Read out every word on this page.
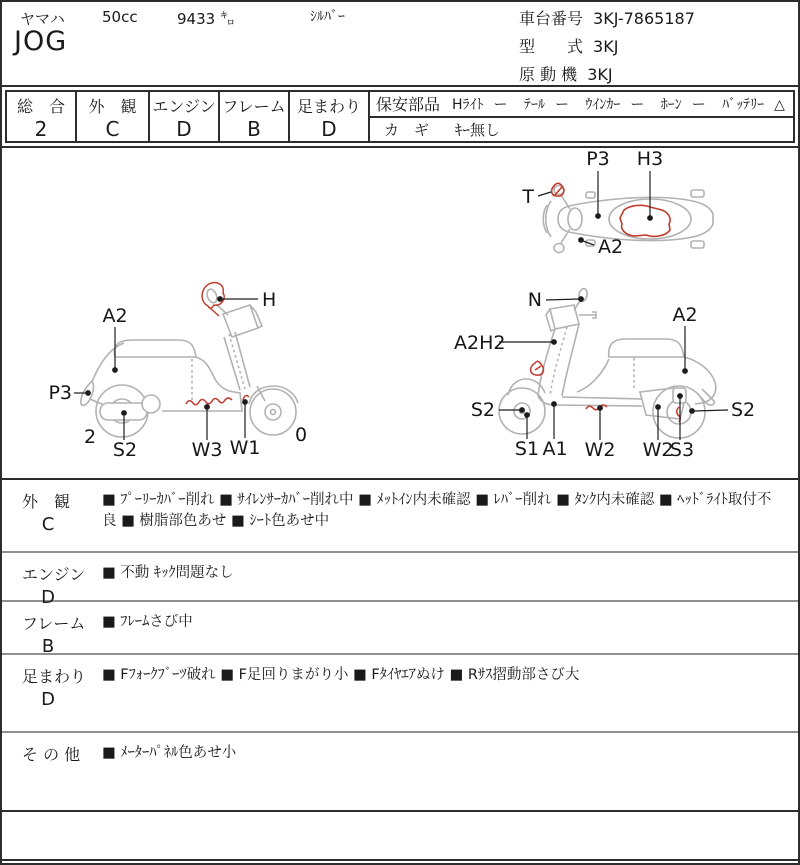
ヤマハ 50cc	9433 ㌔	ｼﾙﾊﾞｰ
JOG
車台番号 3KJ-7865187
型　　式 3KJ
原 動 機 3KJ
総　合
2
外　観
C
エンジン
D
フレーム
B
足まわり
D
保安部品 Hﾗｲﾄ ー ﾃｰﾙ ー ｳｲﾝｶｰ ー ﾎｰﾝ ー ﾊﾞｯﾃﾘｰ △
カ　ギ ｷｰ無し
P3 H3
T
A2
H
A2
P3
S2	W3 W1
2	0
N
A2H2
A2
S2
S1 A1 W2 W2
S3
S2
外　観
C
■ ﾌﾟｰﾘｰｶﾊﾞｰ削れ ■ ｻｲﾚﾝｻｰｶﾊﾞｰ削れ中 ■ ﾒｯﾄｲﾝ内未確認 ■ ﾚﾊﾞｰ削れ ■ ﾀﾝｸ内未確認 ■ ﾍｯﾄﾞﾗｲﾄ取付不良 ■ 樹脂部色あせ ■ ｼｰﾄ色あせ中
エンジン
D
■ 不動 ｷｯｸ問題なし
フレーム
B
■ ﾌﾚｰﾑさび中
足まわり
D
■ Fﾌｫｰｸﾌﾞｰﾂ破れ ■ F足回りまがり小 ■ Fﾀｲﾔｴｱぬけ ■ Rｻｽ摺動部さび大
そ の 他	■ ﾒｰﾀｰﾊﾟﾈﾙ色あせ小
